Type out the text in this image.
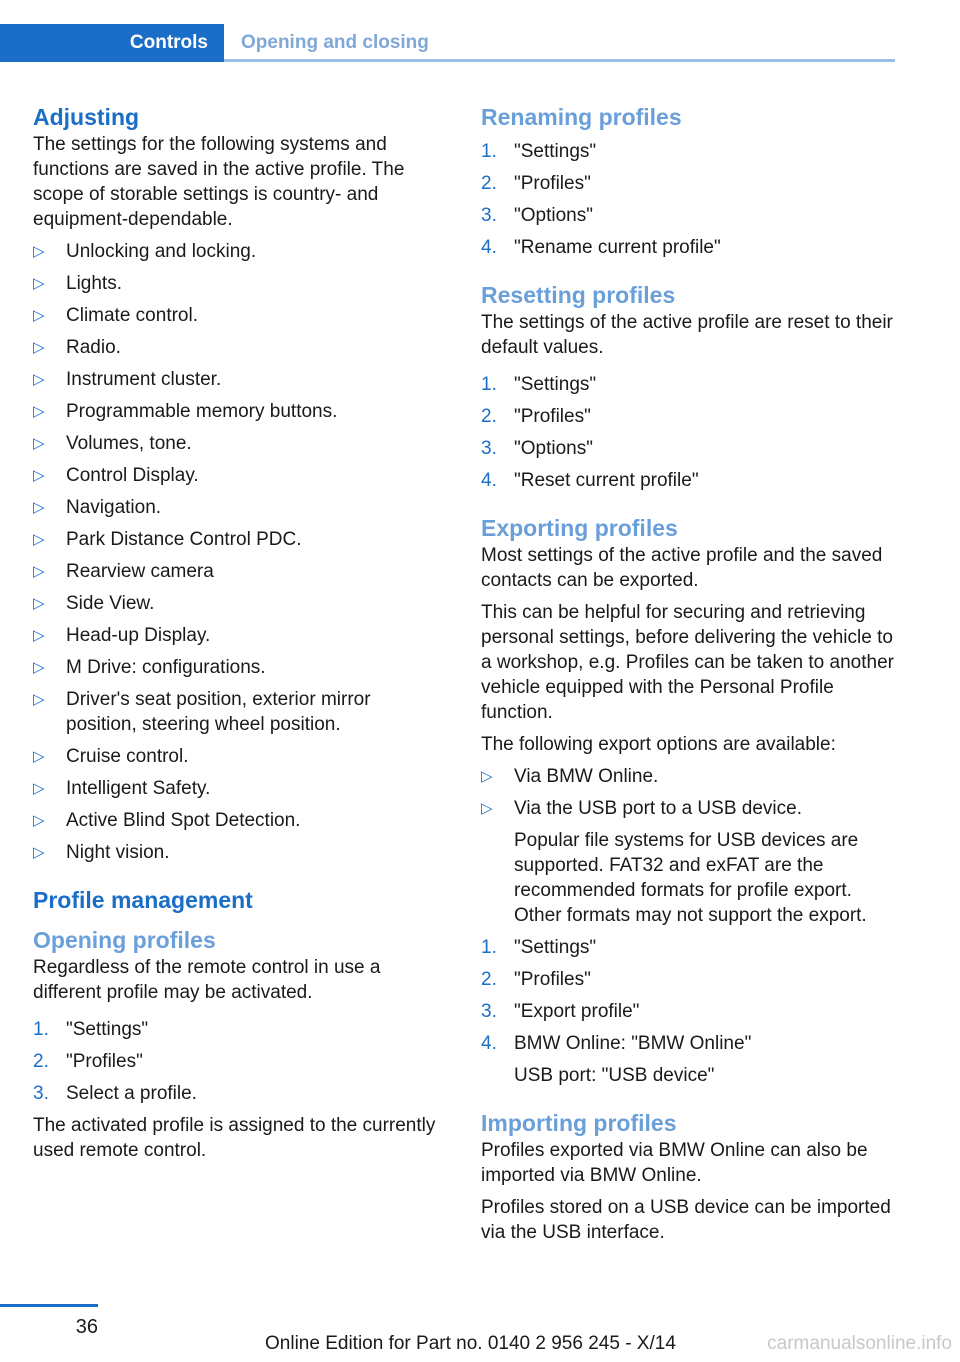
Controls	Opening and closing
Adjusting

The settings for the following systems and functions are saved in the active profile. The scope of storable settings is country- and equipment-dependable.

▷ Unlocking and locking.
▷ Lights.
▷ Climate control.
▷ Radio.
▷ Instrument cluster.
▷ Programmable memory buttons.
▷ Volumes, tone.
▷ Control Display.
▷ Navigation.
▷ Park Distance Control PDC.
▷ Rearview camera
▷ Side View.
▷ Head-up Display.
▷ M Drive: configurations.
▷ Driver's seat position, exterior mirror position, steering wheel position.
▷ Cruise control.
▷ Intelligent Safety.
▷ Active Blind Spot Detection.
▷ Night vision.
Profile management
Opening profiles

Regardless of the remote control in use a different profile may be activated.

1. "Settings"
2. "Profiles"
3. Select a profile.

The activated profile is assigned to the currently used remote control.

Renaming profiles
1. "Settings"
2. "Profiles"
3. "Options"
4. "Rename current profile"
Resetting profiles

The settings of the active profile are reset to their default values.

1. "Settings"
2. "Profiles"
3. "Options"
4. "Reset current profile"
Exporting profiles

Most settings of the active profile and the saved contacts can be exported.

This can be helpful for securing and retrieving personal settings, before delivering the vehicle to a workshop, e.g. Profiles can be taken to another vehicle equipped with the Personal Profile function.

The following export options are available:

▷ Via BMW Online.
▷ Via the USB port to a USB device.
Popular file systems for USB devices are supported. FAT32 and exFAT are the recommended formats for profile export. Other formats may not support the export.
1. "Settings"
2. "Profiles"
3. "Export profile"
4. BMW Online: "BMW Online"
USB port: "USB device"
Importing profiles

Profiles exported via BMW Online can also be imported via BMW Online.

Profiles stored on a USB device can be imported via the USB interface.

36
Online Edition for Part no. 0140 2 956 245 - X/14	carmanualsonline.info
